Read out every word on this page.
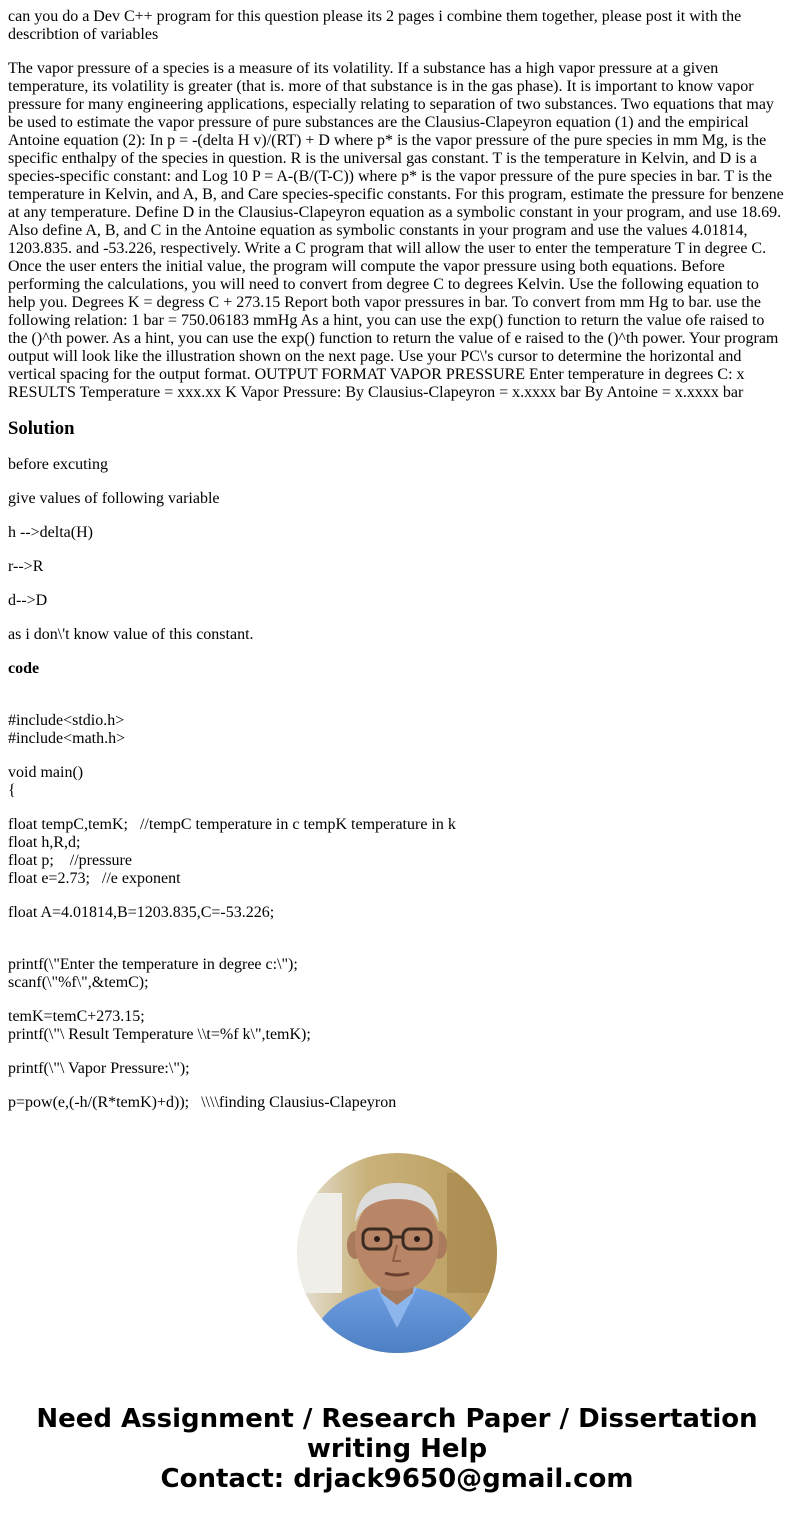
can you do a Dev C++ program for this question please its 2 pages i combine them together, please post it with the describtion of variables

The vapor pressure of a species is a measure of its volatility. If a substance has a high vapor pressure at a given temperature, its volatility is greater (that is. more of that substance is in the gas phase). It is important to know vapor pressure for many engineering applications, especially relating to separation of two substances. Two equations that may be used to estimate the vapor pressure of pure substances are the Clausius-Clapeyron equation (1) and the empirical Antoine equation (2): In p = -(delta H v)/(RT) + D where p* is the vapor pressure of the pure species in mm Mg, is the specific enthalpy of the species in question. R is the universal gas constant. T is the temperature in Kelvin, and D is a species-specific constant: and Log 10 P = A-(B/(T-C)) where p* is the vapor pressure of the pure species in bar. T is the temperature in Kelvin, and A, B, and Care species-specific constants. For this program, estimate the pressure for benzene at any temperature. Define D in the Clausius-Clapeyron equation as a symbolic constant in your program, and use 18.69. Also define A, B, and C in the Antoine equation as symbolic constants in your program and use the values 4.01814, 1203.835. and -53.226, respectively. Write a C program that will allow the user to enter the temperature T in degree C. Once the user enters the initial value, the program will compute the vapor pressure using both equations. Before performing the calculations, you will need to convert from degree C to degrees Kelvin. Use the following equation to help you. Degrees K = degress C + 273.15 Report both vapor pressures in bar. To convert from mm Hg to bar. use the following relation: 1 bar = 750.06183 mmHg As a hint, you can use the exp() function to return the value ofe raised to the ()^th power. As a hint, you can use the exp() function to return the value of e raised to the ()^th power. Your program output will look like the illustration shown on the next page. Use your PC\'s cursor to determine the horizontal and vertical spacing for the output format. OUTPUT FORMAT VAPOR PRESSURE Enter temperature in degrees C: x RESULTS Temperature = xxx.xx K Vapor Pressure: By Clausius-Clapeyron = x.xxxx bar By Antoine = x.xxxx bar

Solution

before excuting

give values of following variable

h -->delta(H)

r-->R

d-->D

as i don\'t know value of this constant.

code

#include<stdio.h>
#include<math.h>
void main()
{
float tempC,temK;   //tempC temperature in c tempK temperature in k
float h,R,d;
float p;    //pressure
float e=2.73;   //e exponent
float A=4.01814,B=1203.835,C=-53.226;
printf(\"Enter the temperature in degree c:\");
scanf(\"%f\",&temC);
temK=temC+273.15;
printf(\"\ Result Temperature \\t=%f k\",temK);
printf(\"\ Vapor Pressure:\");
p=pow(e,(-h/(R*temK)+d));   \\\\finding Clausius-Clapeyron
Need Assignment / Research Paper / Dissertation
writing Help
Contact: drjack9650@gmail.com
